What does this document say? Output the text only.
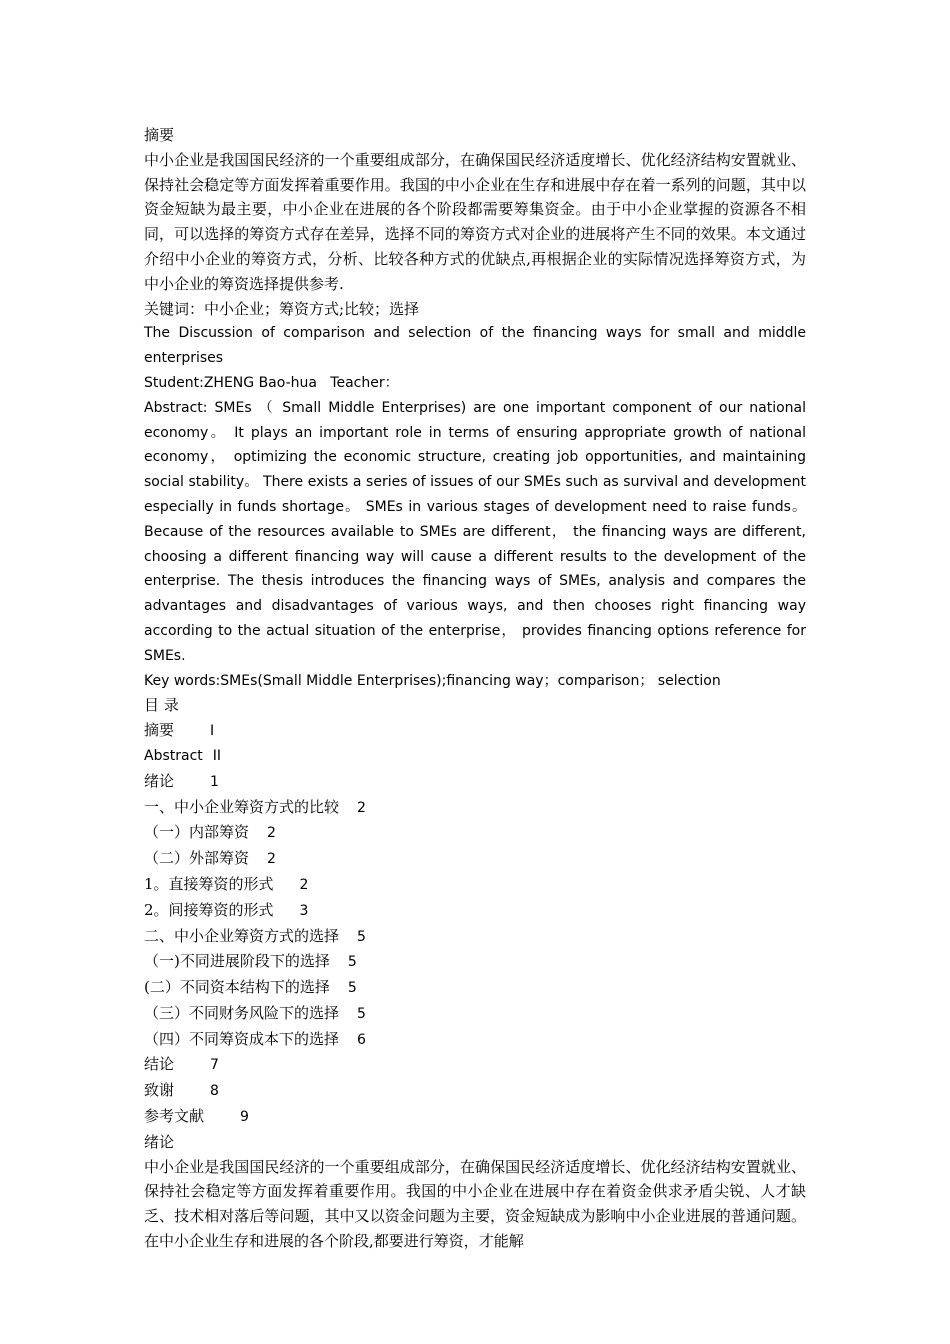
摘要

中小企业是我国国民经济的一个重要组成部分，在确保国民经济适度增长、优化经济结构安置就业、保持社会稳定等方面发挥着重要作用。我国的中小企业在生存和进展中存在着一系列的问题，其中以资金短缺为最主要，中小企业在进展的各个阶段都需要筹集资金。由于中小企业掌握的资源各不相同，可以选择的筹资方式存在差异，选择不同的筹资方式对企业的进展将产生不同的效果。本文通过介绍中小企业的筹资方式，分析、比较各种方式的优缺点,再根据企业的实际情况选择筹资方式，为中小企业的筹资选择提供参考.

关键词：中小企业；筹资方式;比较；选择

The Discussion of comparison and selection of the financing ways for small and middle enterprises

Student:ZHENG Bao-hua   Teacher：

Abstract: SMEs （ Small Middle Enterprises) are one important component of our national economy。 It plays an important role in terms of ensuring appropriate growth of national economy， optimizing the economic structure, creating job opportunities, and maintaining social stability。 There exists a series of issues of our SMEs such as survival and development especially in funds shortage。 SMEs in various stages of development need to raise funds。 Because of the resources available to SMEs are different， the financing ways are different, choosing a different financing way will cause a different results to the development of the enterprise. The thesis introduces the financing ways of SMEs, analysis and compares the advantages and disadvantages of various ways, and then chooses right financing way according to the actual situation of the enterprise， provides financing options reference for SMEs.

Key words:SMEs(Small Middle Enterprises);financing way；comparison； selection

目 录

摘要	I
Abstract II
绪论	1
一、中小企业筹资方式的比较 2
（一）内部筹资 2
（二）外部筹资 2
1。直接筹资的形式 2
2。间接筹资的形式 3
二、中小企业筹资方式的选择 5
（一)不同进展阶段下的选择 5
(二）不同资本结构下的选择 5
（三）不同财务风险下的选择 5
（四）不同筹资成本下的选择 6
结论	7
致谢	8
参考文献	9

绪论

中小企业是我国国民经济的一个重要组成部分，在确保国民经济适度增长、优化经济结构安置就业、保持社会稳定等方面发挥着重要作用。我国的中小企业在进展中存在着资金供求矛盾尖锐、人才缺乏、技术相对落后等问题，其中又以资金问题为主要，资金短缺成为影响中小企业进展的普通问题。在中小企业生存和进展的各个阶段,都要进行筹资，才能解
